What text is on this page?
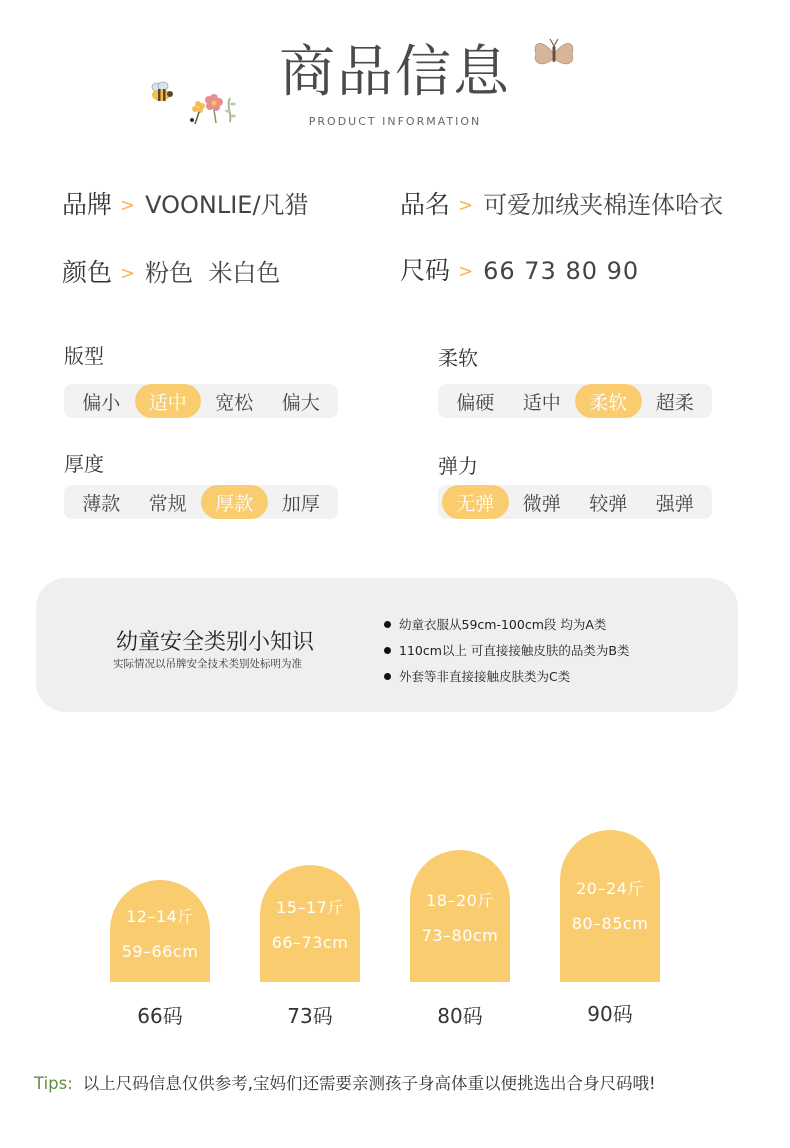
商品信息
PRODUCT INFORMATION
品牌 > VOONLIE/凡猎	品名 > 可爱加绒夹棉连体哈衣
颜色 > 粉色  米白色	尺码 > 66 73 80 90
版型
偏小	适中	宽松	偏大
柔软
偏硬	适中	柔软	超柔
厚度
薄款	常规	厚款	加厚
弹力
无弹	微弹	较弹	强弹
幼童安全类别小知识
实际情况以吊牌安全技术类别处标明为准
幼童衣服从59cm-100cm段 均为A类
110cm以上 可直接接触皮肤的品类为B类
外套等非直接接触皮肤类为C类
12–14斤
59–66cm
66码
15–17斤
66–73cm
73码
18–20斤
73–80cm
80码
20–24斤
80–85cm
90码
Tips: 以上尺码信息仅供参考,宝妈们还需要亲测孩子身高体重以便挑选出合身尺码哦!
